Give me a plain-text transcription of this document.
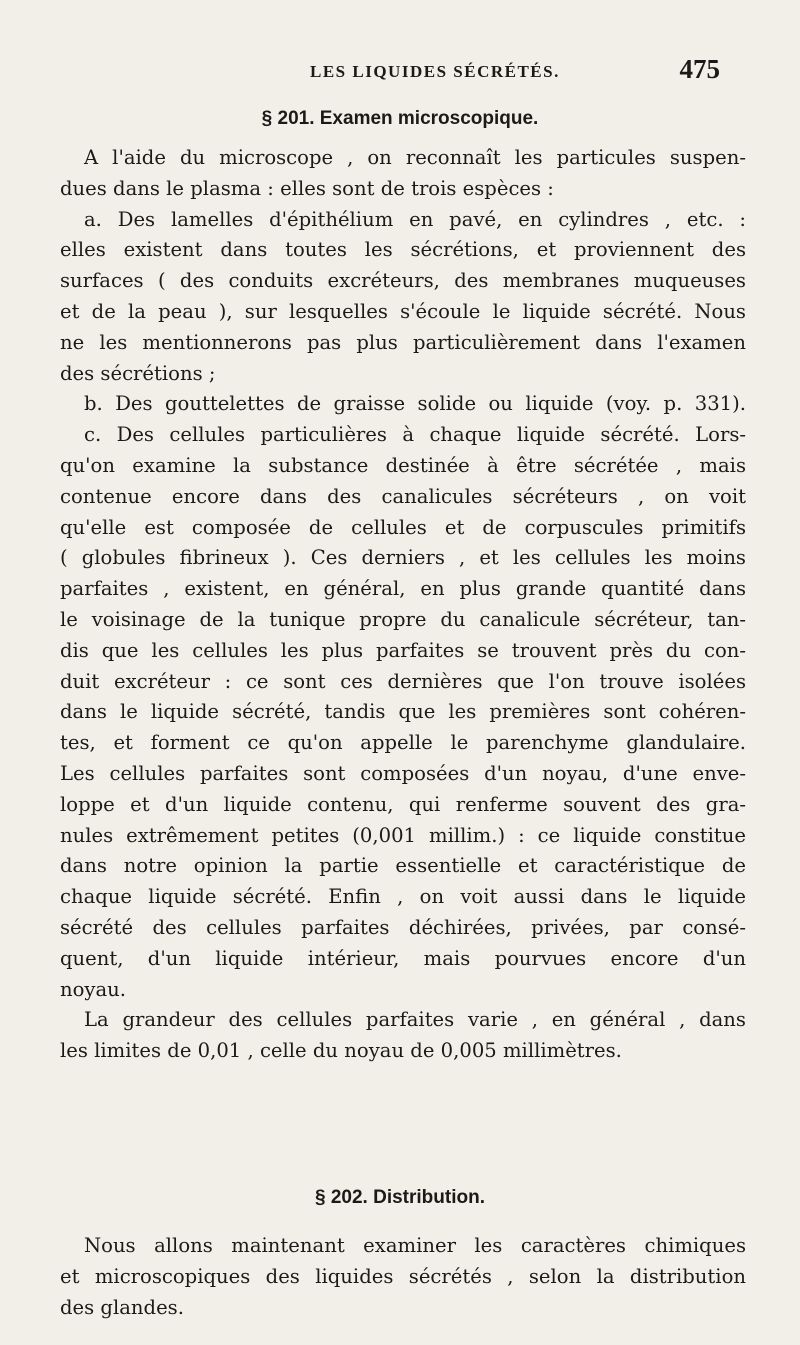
LES LIQUIDES SÉCRÉTÉS.	475
§ 201. Examen microscopique.

A l'aide du microscope , on reconnaît les particules suspen-

dues dans le plasma : elles sont de trois espèces :

a. Des lamelles d'épithélium en pavé, en cylindres , etc. :

elles existent dans toutes les sécrétions, et proviennent des

surfaces ( des conduits excréteurs, des membranes muqueuses

et de la peau ), sur lesquelles s'écoule le liquide sécrété. Nous

ne les mentionnerons pas plus particulièrement dans l'examen

des sécrétions ;

b. Des gouttelettes de graisse solide ou liquide (voy. p. 331).

c. Des cellules particulières à chaque liquide sécrété. Lors-

qu'on examine la substance destinée à être sécrétée , mais

contenue encore dans des canalicules sécréteurs , on voit

qu'elle est composée de cellules et de corpuscules primitifs

( globules fibrineux ). Ces derniers , et les cellules les moins

parfaites , existent, en général, en plus grande quantité dans

le voisinage de la tunique propre du canalicule sécréteur, tan-

dis que les cellules les plus parfaites se trouvent près du con-

duit excréteur : ce sont ces dernières que l'on trouve isolées

dans le liquide sécrété, tandis que les premières sont cohéren-

tes, et forment ce qu'on appelle le parenchyme glandulaire.

Les cellules parfaites sont composées d'un noyau, d'une enve-

loppe et d'un liquide contenu, qui renferme souvent des gra-

nules extrêmement petites (0,001 millim.) : ce liquide constitue

dans notre opinion la partie essentielle et caractéristique de

chaque liquide sécrété. Enfin , on voit aussi dans le liquide

sécrété des cellules parfaites déchirées, privées, par consé-

quent, d'un liquide intérieur, mais pourvues encore d'un

noyau.

La grandeur des cellules parfaites varie , en général , dans

les limites de 0,01 , celle du noyau de 0,005 millimètres.

§ 202. Distribution.

Nous allons maintenant examiner les caractères chimiques

et microscopiques des liquides sécrétés , selon la distribution

des glandes.
